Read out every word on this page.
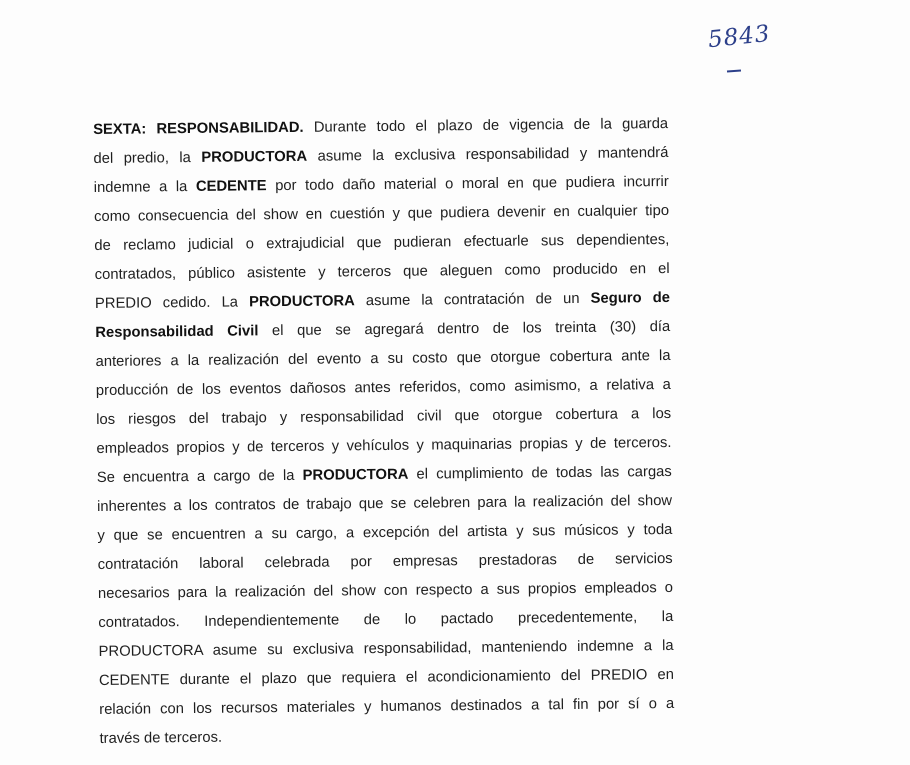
5843
SEXTA: RESPONSABILIDAD. Durante todo el plazo de vigencia de la guarda
del predio, la PRODUCTORA asume la exclusiva responsabilidad y mantendrá
indemne a la CEDENTE por todo daño material o moral en que pudiera incurrir
como consecuencia del show en cuestión y que pudiera devenir en cualquier tipo
de reclamo judicial o extrajudicial que pudieran efectuarle sus dependientes,
contratados, público asistente y terceros que aleguen como producido en el
PREDIO cedido. La PRODUCTORA asume la contratación de un Seguro de
Responsabilidad Civil el que se agregará dentro de los treinta (30) día
anteriores a la realización del evento a su costo que otorgue cobertura ante la
producción de los eventos dañosos antes referidos, como asimismo, a relativa a
los riesgos del trabajo y responsabilidad civil que otorgue cobertura a los
empleados propios y de terceros y vehículos y maquinarias propias y de terceros.
Se encuentra a cargo de la PRODUCTORA el cumplimiento de todas las cargas
inherentes a los contratos de trabajo que se celebren para la realización del show
y que se encuentren a su cargo, a excepción del artista y sus músicos y toda
contratación laboral celebrada por empresas prestadoras de servicios
necesarios para la realización del show con respecto a sus propios empleados o
contratados. Independientemente de lo pactado precedentemente, la
PRODUCTORA asume su exclusiva responsabilidad, manteniendo indemne a la
CEDENTE durante el plazo que requiera el acondicionamiento del PREDIO en
relación con los recursos materiales y humanos destinados a tal fin por sí o a
través de terceros.
